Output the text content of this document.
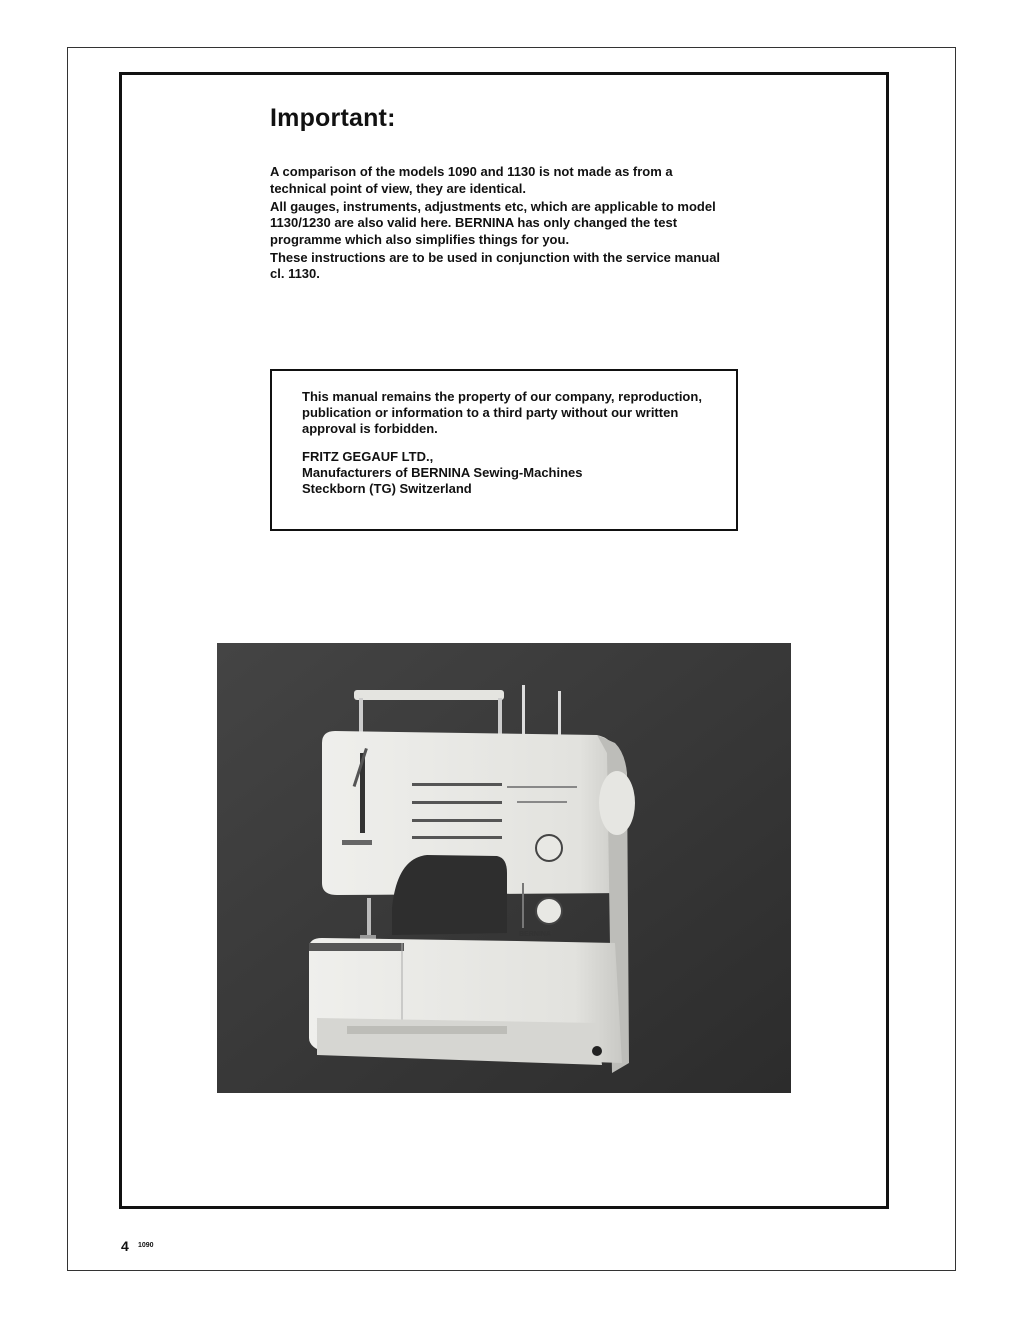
Important:

A comparison of the models 1090 and 1130 is not made as from a technical point of view, they are identical.

All gauges, instruments, adjustments etc, which are applicable to model 1130/1230 are also valid here. BERNINA has only changed the test programme which also simplifies things for you.

These instructions are to be used in conjunction with the service manual cl. 1130.

This manual remains the property of our company, reproduction, publication or information to a third party without our written approval is forbidden.

FRITZ GEGAUF LTD.,

Manufacturers of BERNINA Sewing-Machines

Steckborn (TG) Switzerland

BERNINA
4 1090
